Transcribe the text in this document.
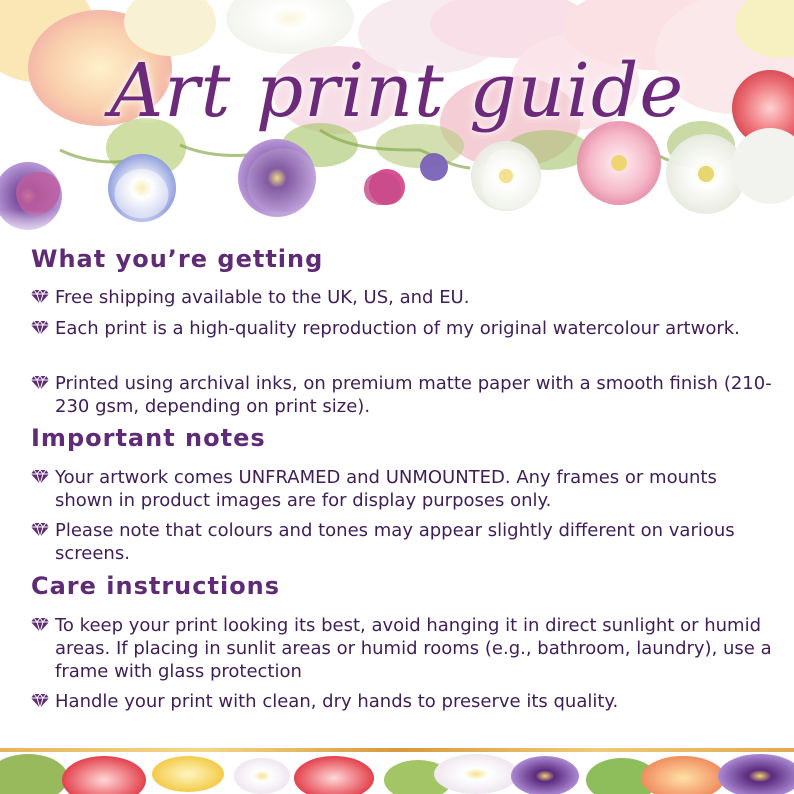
Art print guide
What you’re getting
Free shipping available to the UK, US, and EU.
Each print is a high-quality reproduction of my original watercolour artwork.
Printed using archival inks, on premium matte paper with a smooth finish (210-230 gsm, depending on print size).
Important notes
Your artwork comes UNFRAMED and UNMOUNTED. Any frames or mounts shown in product images are for display purposes only.
Please note that colours and tones may appear slightly different on various screens.
Care instructions
To keep your print looking its best, avoid hanging it in direct sunlight or humid areas. If placing in sunlit areas or humid rooms (e.g., bathroom, laundry), use a frame with glass protection
Handle your print with clean, dry hands to preserve its quality.
